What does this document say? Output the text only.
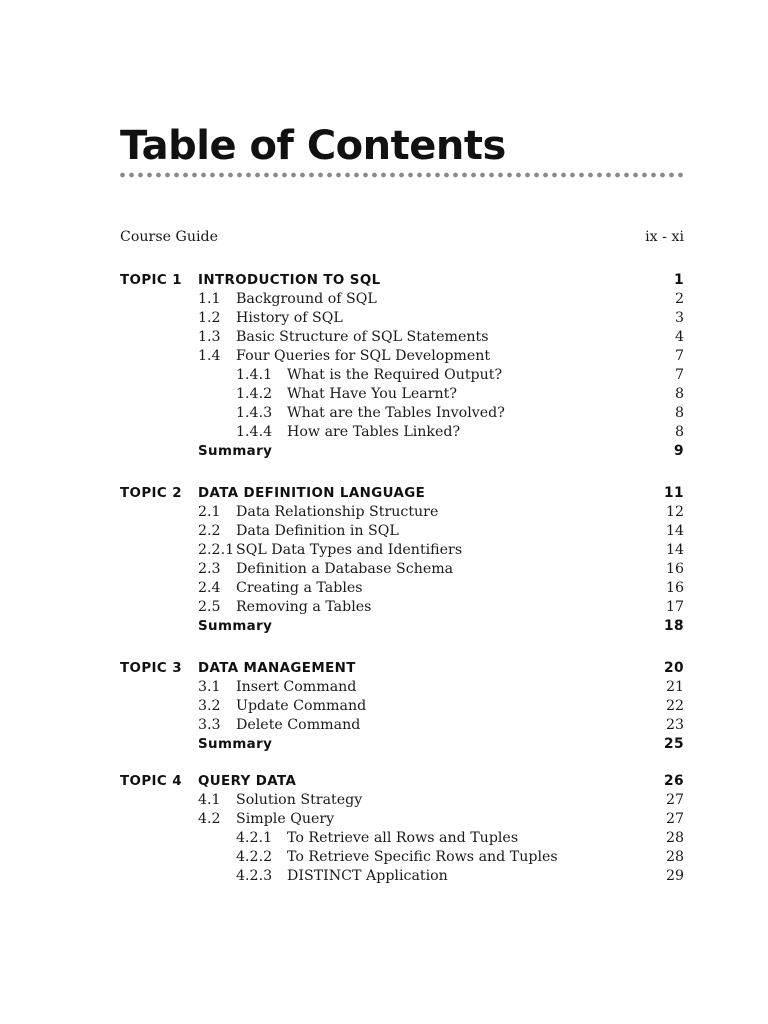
Table of Contents
Course Guide	ix - xi
TOPIC 1 INTRODUCTION TO SQL	1
1.1 Background of SQL	2
1.2 History of SQL	3
1.3 Basic Structure of SQL Statements	4
1.4 Four Queries for SQL Development	7
1.4.1 What is the Required Output?	7
1.4.2 What Have You Learnt?	8
1.4.3 What are the Tables Involved?	8
1.4.4 How are Tables Linked?	8
Summary	9
TOPIC 2 DATA DEFINITION LANGUAGE	11
2.1 Data Relationship Structure	12
2.2 Data Definition in SQL	14
2.2.1 SQL Data Types and Identifiers	14
2.3 Definition a Database Schema	16
2.4 Creating a Tables	16
2.5 Removing a Tables	17
Summary	18
TOPIC 3 DATA MANAGEMENT	20
3.1 Insert Command	21
3.2 Update Command	22
3.3 Delete Command	23
Summary	25
TOPIC 4 QUERY DATA	26
4.1 Solution Strategy	27
4.2 Simple Query	27
4.2.1 To Retrieve all Rows and Tuples	28
4.2.2 To Retrieve Specific Rows and Tuples	28
4.2.3 DISTINCT Application	29
